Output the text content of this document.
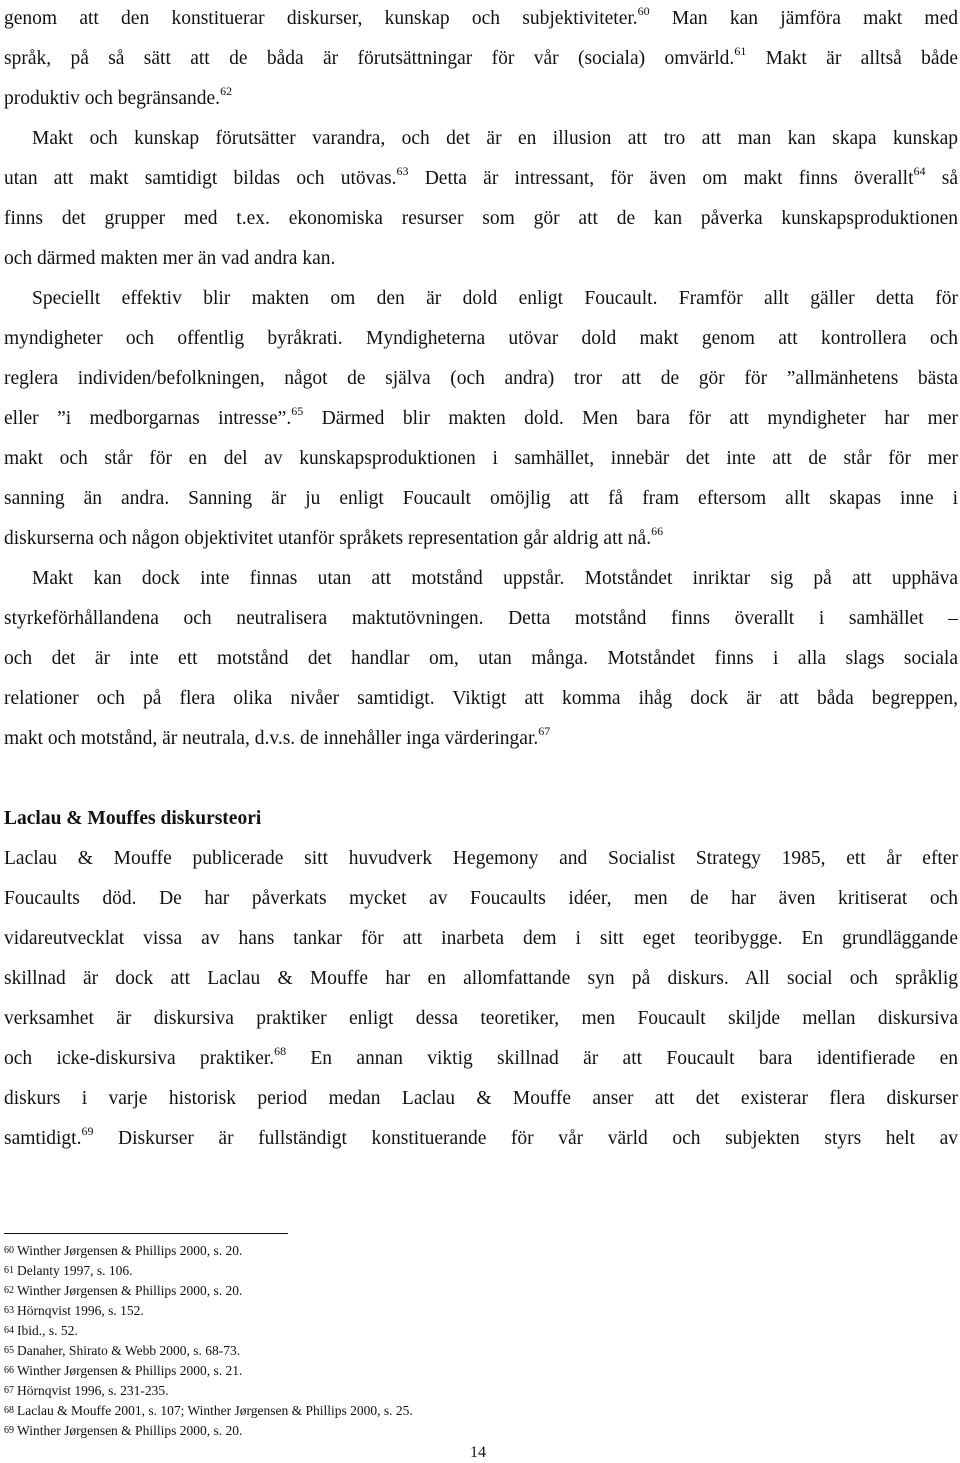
genom att den konstituerar diskurser, kunskap och subjektiviteter.$^{60}$ Man kan jämföra makt med
språk, på så sätt att de båda är förutsättningar för vår (sociala) omvärld.$^{61}$ Makt är alltså både
produktiv och begränsande.$^{62}$
Makt och kunskap förutsätter varandra, och det är en illusion att tro att man kan skapa kunskap
utan att makt samtidigt bildas och utövas.$^{63}$ Detta är intressant, för även om makt finns överallt$^{64}$ så
finns det grupper med t.ex. ekonomiska resurser som gör att de kan påverka kunskapsproduktionen
och därmed makten mer än vad andra kan.
Speciellt effektiv blir makten om den är dold enligt Foucault. Framför allt gäller detta för
myndigheter och offentlig byråkrati. Myndigheterna utövar dold makt genom att kontrollera och
reglera individen/befolkningen, något de själva (och andra) tror att de gör för ”allmänhetens bästa
eller ”i medborgarnas intresse”.$^{65}$ Därmed blir makten dold. Men bara för att myndigheter har mer
makt och står för en del av kunskapsproduktionen i samhället, innebär det inte att de står för mer
sanning än andra. Sanning är ju enligt Foucault omöjlig att få fram eftersom allt skapas inne i
diskurserna och någon objektivitet utanför språkets representation går aldrig att nå.$^{66}$
Makt kan dock inte finnas utan att motstånd uppstår. Motståndet inriktar sig på att upphäva
styrkeförhållandena och neutralisera maktutövningen. Detta motstånd finns överallt i samhället –
och det är inte ett motstånd det handlar om, utan många. Motståndet finns i alla slags sociala
relationer och på flera olika nivåer samtidigt. Viktigt att komma ihåg dock är att båda begreppen,
makt och motstånd, är neutrala, d.v.s. de innehåller inga värderingar.$^{67}$
Laclau & Mouffes diskursteori
Laclau & Mouffe publicerade sitt huvudverk Hegemony and Socialist Strategy 1985, ett år efter
Foucaults död. De har påverkats mycket av Foucaults idéer, men de har även kritiserat och
vidareutvecklat vissa av hans tankar för att inarbeta dem i sitt eget teoribygge. En grundläggande
skillnad är dock att Laclau & Mouffe har en allomfattande syn på diskurs. All social och språklig
verksamhet är diskursiva praktiker enligt dessa teoretiker, men Foucault skiljde mellan diskursiva
och icke-diskursiva praktiker.$^{68}$ En annan viktig skillnad är att Foucault bara identifierade en
diskurs i varje historisk period medan Laclau & Mouffe anser att det existerar flera diskurser
samtidigt.$^{69}$ Diskurser är fullständigt konstituerande för vår värld och subjekten styrs helt av
60 Winther Jørgensen & Phillips 2000, s. 20.
61 Delanty 1997, s. 106.
62 Winther Jørgensen & Phillips 2000, s. 20.
63 Hörnqvist 1996, s. 152.
64 Ibid., s. 52.
65 Danaher, Shirato & Webb 2000, s. 68-73.
66 Winther Jørgensen & Phillips 2000, s. 21.
67 Hörnqvist 1996, s. 231-235.
68 Laclau & Mouffe 2001, s. 107; Winther Jørgensen & Phillips 2000, s. 25.
69 Winther Jørgensen & Phillips 2000, s. 20.
14
